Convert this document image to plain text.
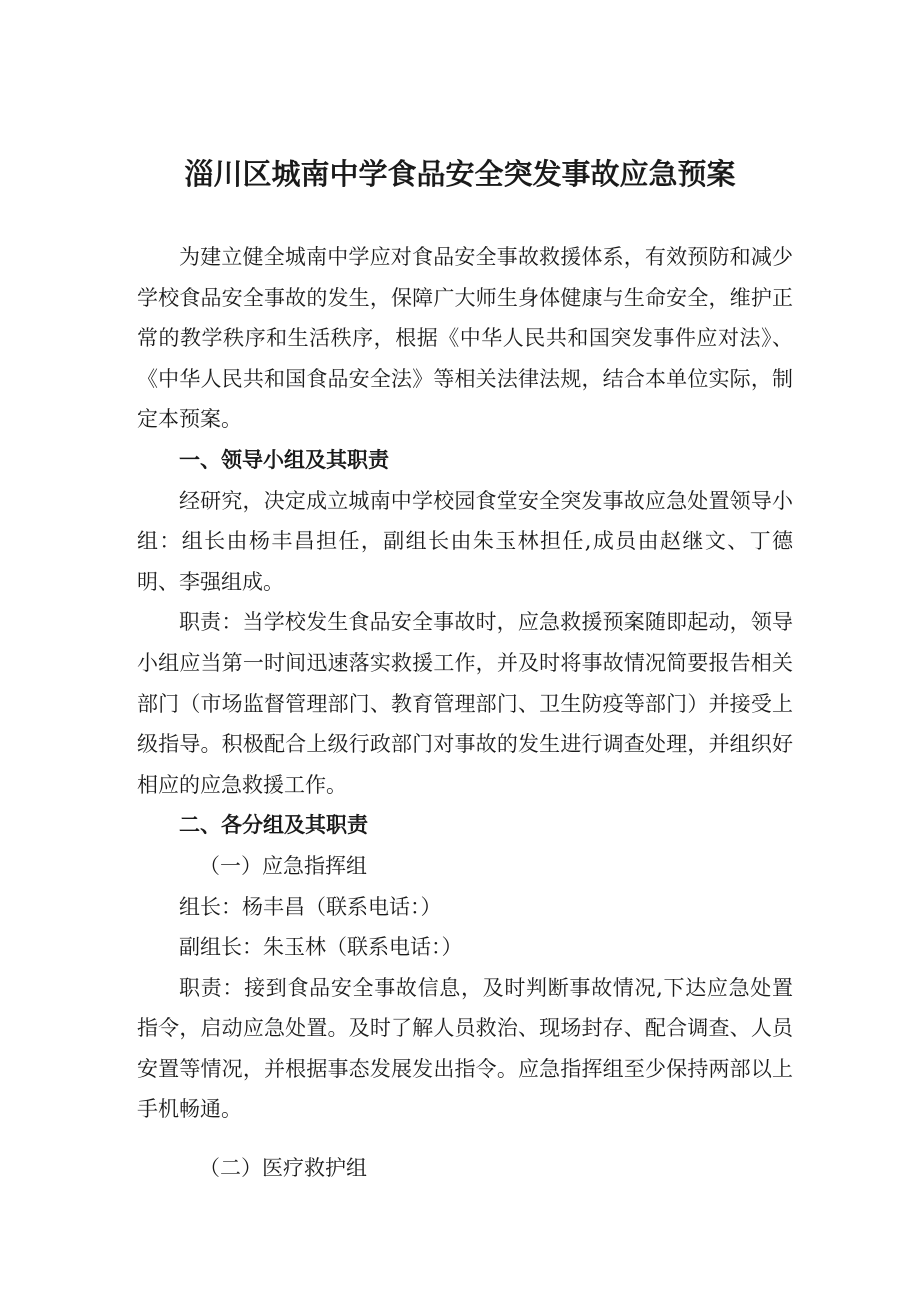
淄川区城南中学食品安全突发事故应急预案

为建立健全城南中学应对食品安全事故救援体系，有效预防和减少学校食品安全事故的发生，保障广大师生身体健康与生命安全，维护正常的教学秩序和生活秩序，根据《中华人民共和国突发事件应对法》、《中华人民共和国食品安全法》等相关法律法规，结合本单位实际，制定本预案。

一、领导小组及其职责

经研究，决定成立城南中学校园食堂安全突发事故应急处置领导小组：组长由杨丰昌担任，副组长由朱玉林担任,成员由赵继文、丁德明、李强组成。

职责：当学校发生食品安全事故时，应急救援预案随即起动，领导小组应当第一时间迅速落实救援工作，并及时将事故情况简要报告相关部门（市场监督管理部门、教育管理部门、卫生防疫等部门）并接受上级指导。积极配合上级行政部门对事故的发生进行调查处理，并组织好相应的应急救援工作。

二、各分组及其职责

（一）应急指挥组

组长：杨丰昌（联系电话：）

副组长：朱玉林（联系电话：）

职责：接到食品安全事故信息，及时判断事故情况,下达应急处置指令，启动应急处置。及时了解人员救治、现场封存、配合调查、人员安置等情况，并根据事态发展发出指令。应急指挥组至少保持两部以上手机畅通。

（二）医疗救护组
